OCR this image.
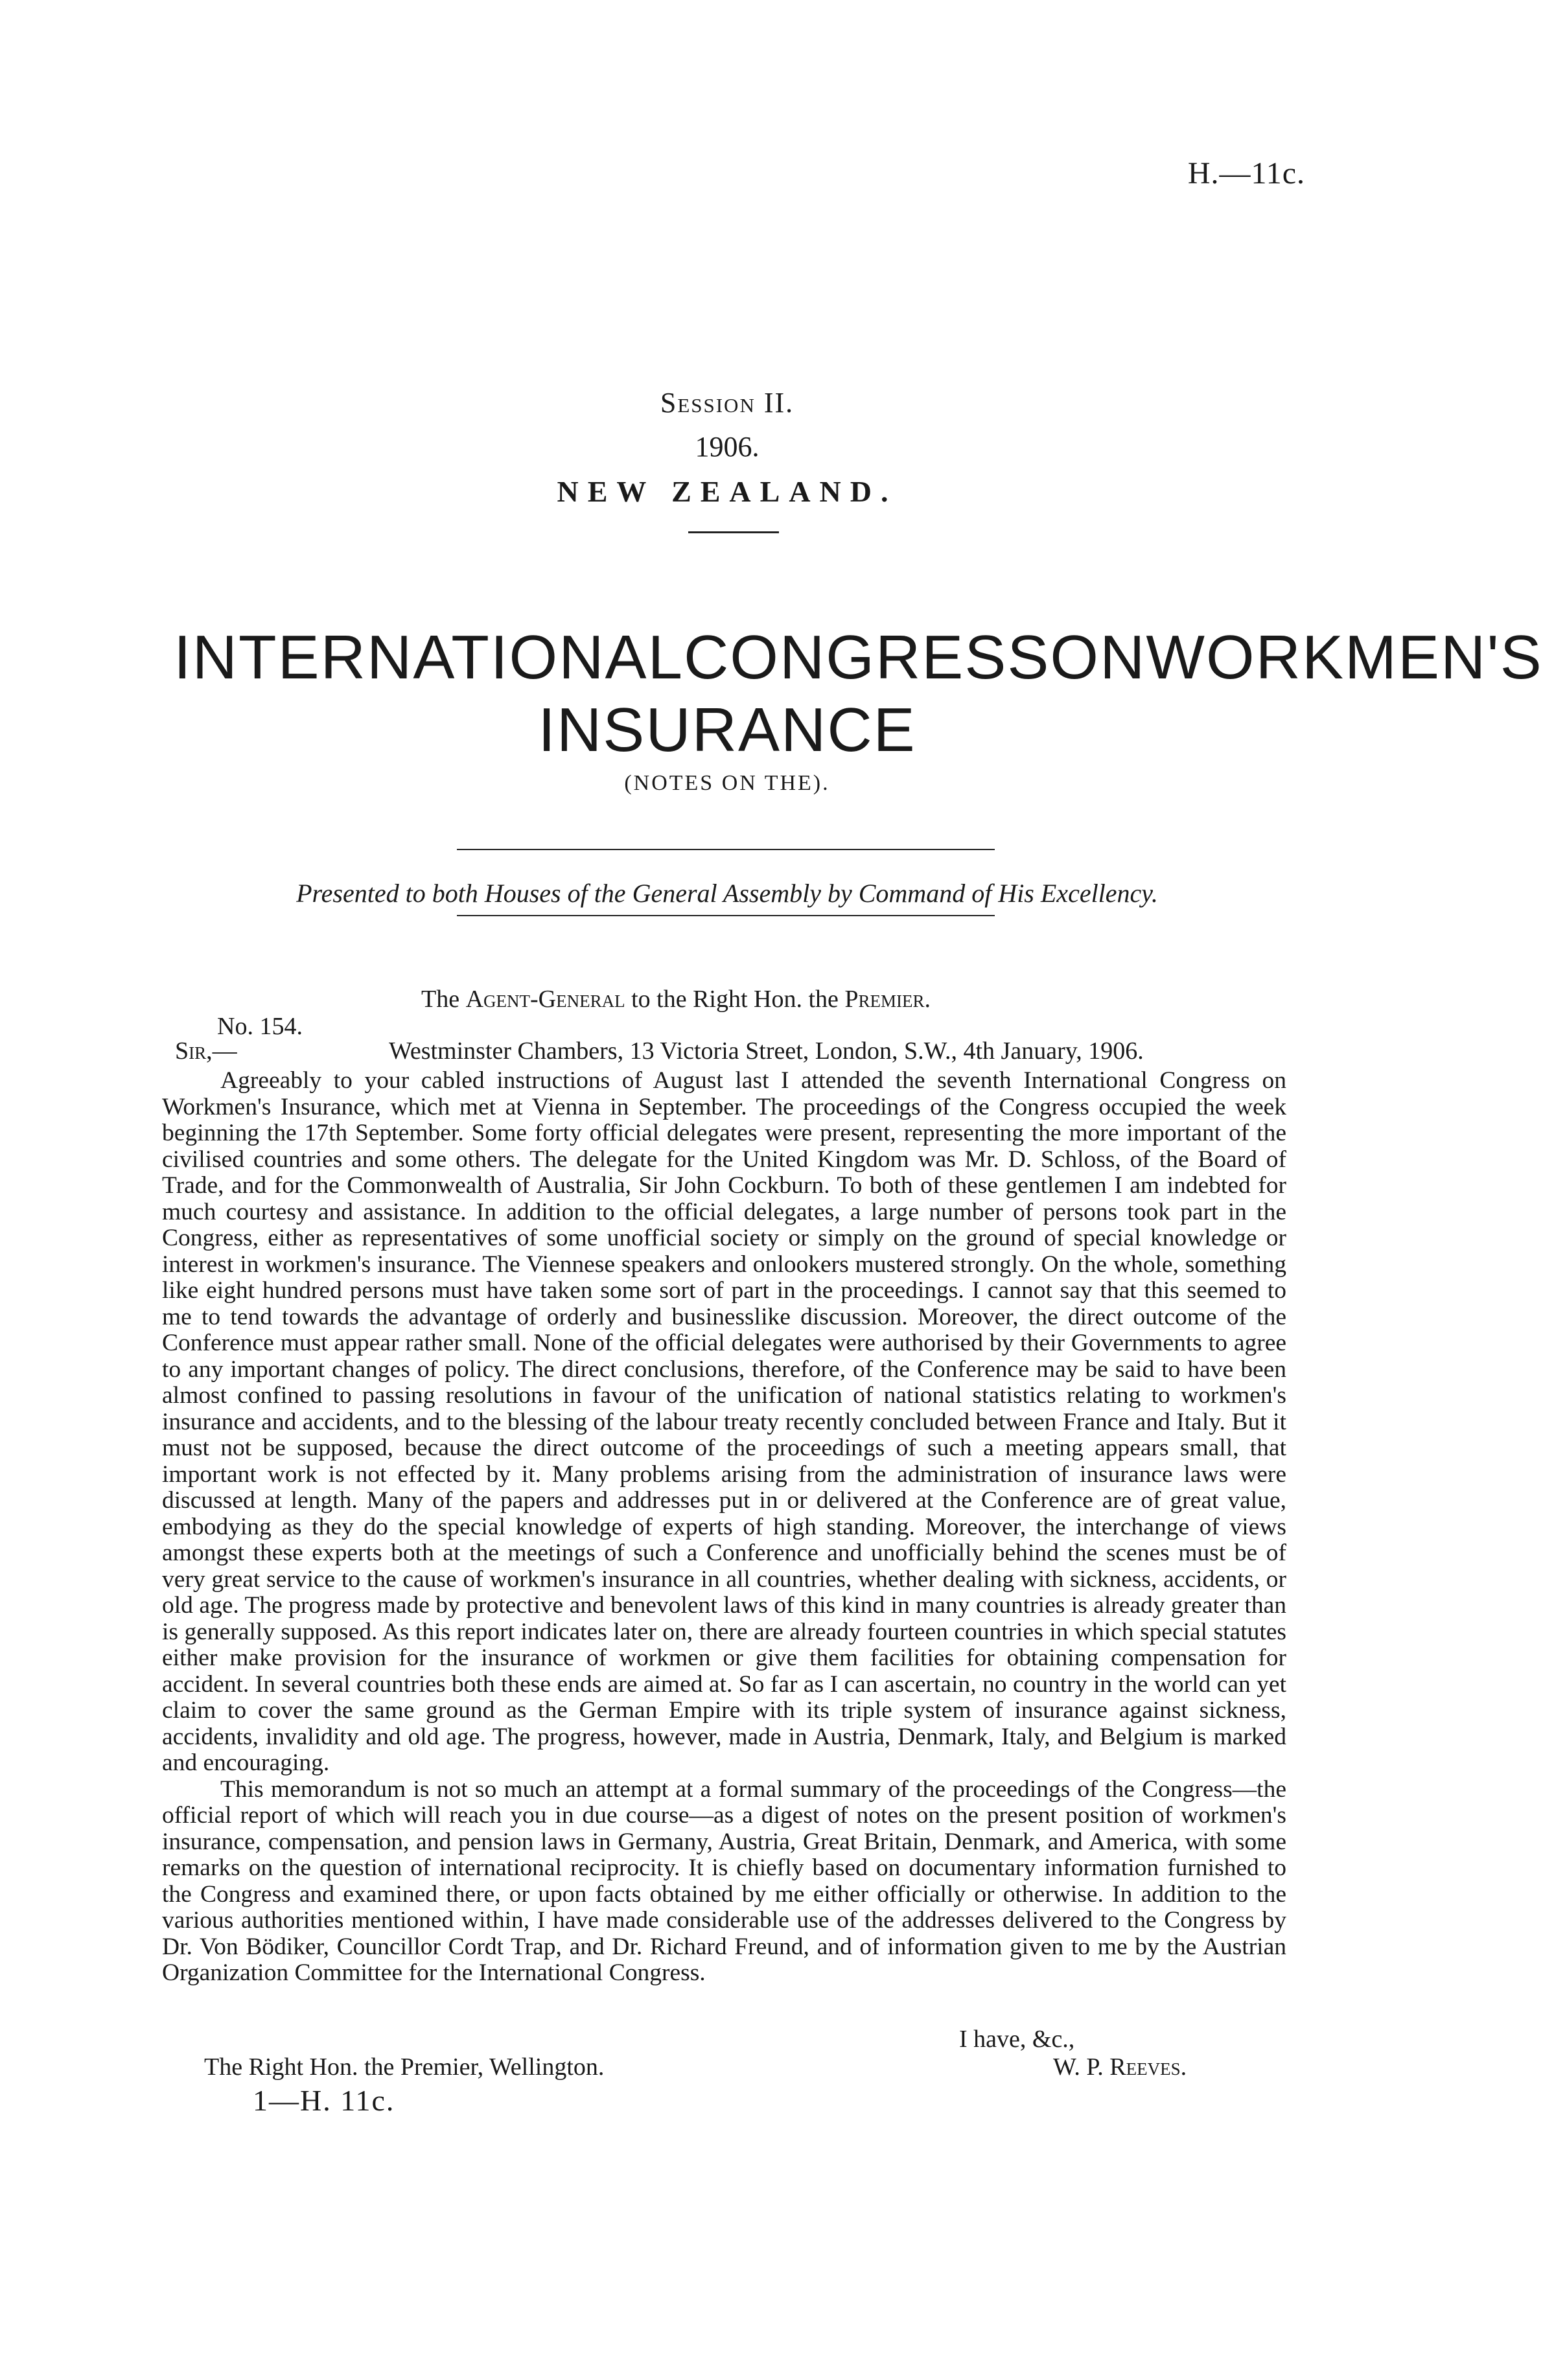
H.—11c.
Session II.
1906.
NEW ZEALAND.
INTERNATIONAL CONGRESS ON WORKMEN'S
INSURANCE
(NOTES ON THE).
Presented to both Houses of the General Assembly by Command of His Excellency.
The Agent-General to the Right Hon. the Premier.
No. 154.
Sir,—	Westminster Chambers, 13 Victoria Street, London, S.W., 4th January, 1906.

Agreeably to your cabled instructions of August last I attended the seventh International Congress on Workmen's Insurance, which met at Vienna in September. The proceedings of the Congress occupied the week beginning the 17th September. Some forty official delegates were present, representing the more important of the civilised countries and some others. The delegate for the United Kingdom was Mr. D. Schloss, of the Board of Trade, and for the Commonwealth of Australia, Sir John Cockburn. To both of these gentlemen I am indebted for much courtesy and assistance. In addition to the official delegates, a large number of persons took part in the Congress, either as representatives of some unofficial society or simply on the ground of special knowledge or interest in workmen's insurance. The Viennese speakers and onlookers mustered strongly. On the whole, something like eight hundred persons must have taken some sort of part in the proceedings. I cannot say that this seemed to me to tend towards the advantage of orderly and businesslike discussion. Moreover, the direct outcome of the Conference must appear rather small. None of the official delegates were authorised by their Governments to agree to any important changes of policy. The direct conclusions, therefore, of the Conference may be said to have been almost confined to passing resolutions in favour of the unification of national statistics relating to workmen's insurance and accidents, and to the blessing of the labour treaty recently concluded between France and Italy. But it must not be supposed, because the direct outcome of the proceedings of such a meeting appears small, that important work is not effected by it. Many problems arising from the administration of insurance laws were discussed at length. Many of the papers and addresses put in or delivered at the Conference are of great value, embodying as they do the special knowledge of experts of high standing. Moreover, the interchange of views amongst these experts both at the meetings of such a Conference and unofficially behind the scenes must be of very great service to the cause of workmen's insurance in all countries, whether dealing with sickness, accidents, or old age. The progress made by protective and benevolent laws of this kind in many countries is already greater than is generally supposed. As this report indicates later on, there are already fourteen countries in which special statutes either make provision for the insurance of workmen or give them facilities for obtaining compensation for accident. In several countries both these ends are aimed at. So far as I can ascertain, no country in the world can yet claim to cover the same ground as the German Empire with its triple system of insurance against sickness, accidents, invalidity and old age. The progress, however, made in Austria, Denmark, Italy, and Belgium is marked and encouraging.

This memorandum is not so much an attempt at a formal summary of the proceedings of the Congress—the official report of which will reach you in due course—as a digest of notes on the present position of workmen's insurance, compensation, and pension laws in Germany, Austria, Great Britain, Denmark, and America, with some remarks on the question of international reciprocity. It is chiefly based on documentary information furnished to the Congress and examined there, or upon facts obtained by me either officially or otherwise. In addition to the various authorities mentioned within, I have made considerable use of the addresses delivered to the Congress by Dr. Von Bödiker, Councillor Cordt Trap, and Dr. Richard Freund, and of information given to me by the Austrian Organization Committee for the International Congress.

I have, &c.,
The Right Hon. the Premier, Wellington.	W. P. Reeves.
1—H. 11c.
